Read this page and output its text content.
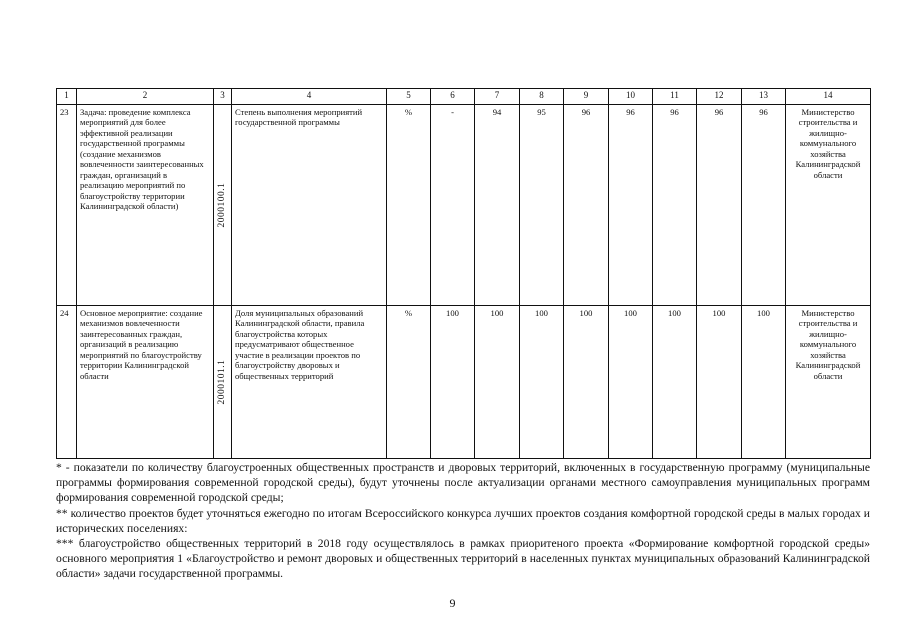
1	2	3	4	5	6	7	8	9	10	11	12	13	14
23	Задача: проведение комплекса мероприятий для более эффективной реализации государственной программы (создание механизмов вовлеченности заинтересованных граждан, организаций в реализацию мероприятий по благоустройству территории Калининградской области)	2000100.1	Степень выполнения мероприятий государственной программы	%	-	94	95	96	96	96	96	96	Министерство строительства и жилищно-коммунального хозяйства Калининградской области
24	Основное мероприятие: создание механизмов вовлеченности заинтересованных граждан, организаций в реализацию мероприятий по благоустройству территории Калининградской области	2000101.1	Доля муниципальных образований Калининградской области, правила благоустройства которых предусматривают общественное участие в реализации проектов по благоустройству дворовых и общественных территорий	%	100	100	100	100	100	100	100	100	Министерство строительства и жилищно-коммунального хозяйства Калининградской области

* - показатели по количеству благоустроенных общественных пространств и дворовых территорий, включенных в государственную программу (муниципальные программы формирования современной городской среды), будут уточнены после актуализации органами местного самоуправления муниципальных программ формирования современной городской среды;

** количество проектов будет уточняться ежегодно по итогам Всероссийского конкурса лучших проектов создания комфортной городской среды в малых городах и исторических поселениях:

*** благоустройство общественных территорий в 2018 году осуществлялось в рамках приоритеного проекта «Формирование комфортной городской среды» основного мероприятия 1 «Благоустройство и ремонт дворовых и общественных территорий в населенных пунктах муниципальных образований Калининградской области» задачи государственной программы.

9
